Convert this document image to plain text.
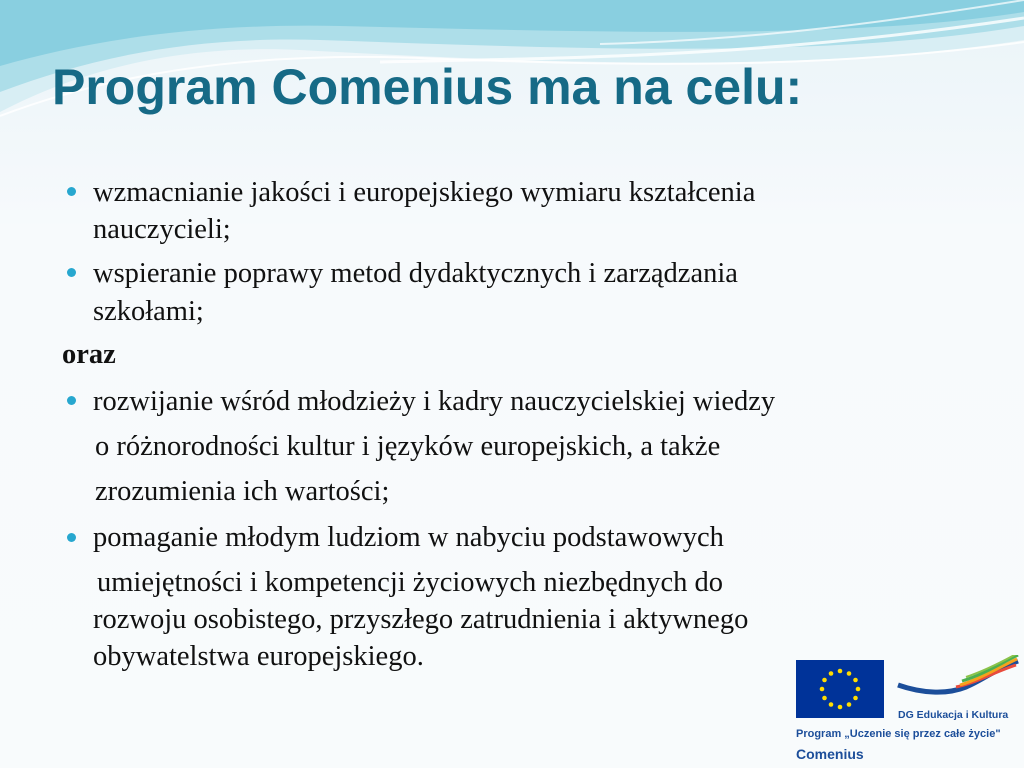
Program Comenius ma na celu:
wzmacnianie jakości i europejskiego wymiaru kształcenia
nauczycieli;
wspieranie poprawy metod dydaktycznych i zarządzania
szkołami;
oraz
rozwijanie wśród młodzieży i kadry nauczycielskiej wiedzy
o różnorodności kultur i języków europejskich, a także
zrozumienia ich wartości;
pomaganie młodym ludziom w nabyciu podstawowych
umiejętności i kompetencji życiowych niezbędnych do
rozwoju osobistego, przyszłego zatrudnienia i aktywnego
obywatelstwa europejskiego.
DG Edukacja i Kultura
Program „Uczenie się przez całe życie"
Comenius
